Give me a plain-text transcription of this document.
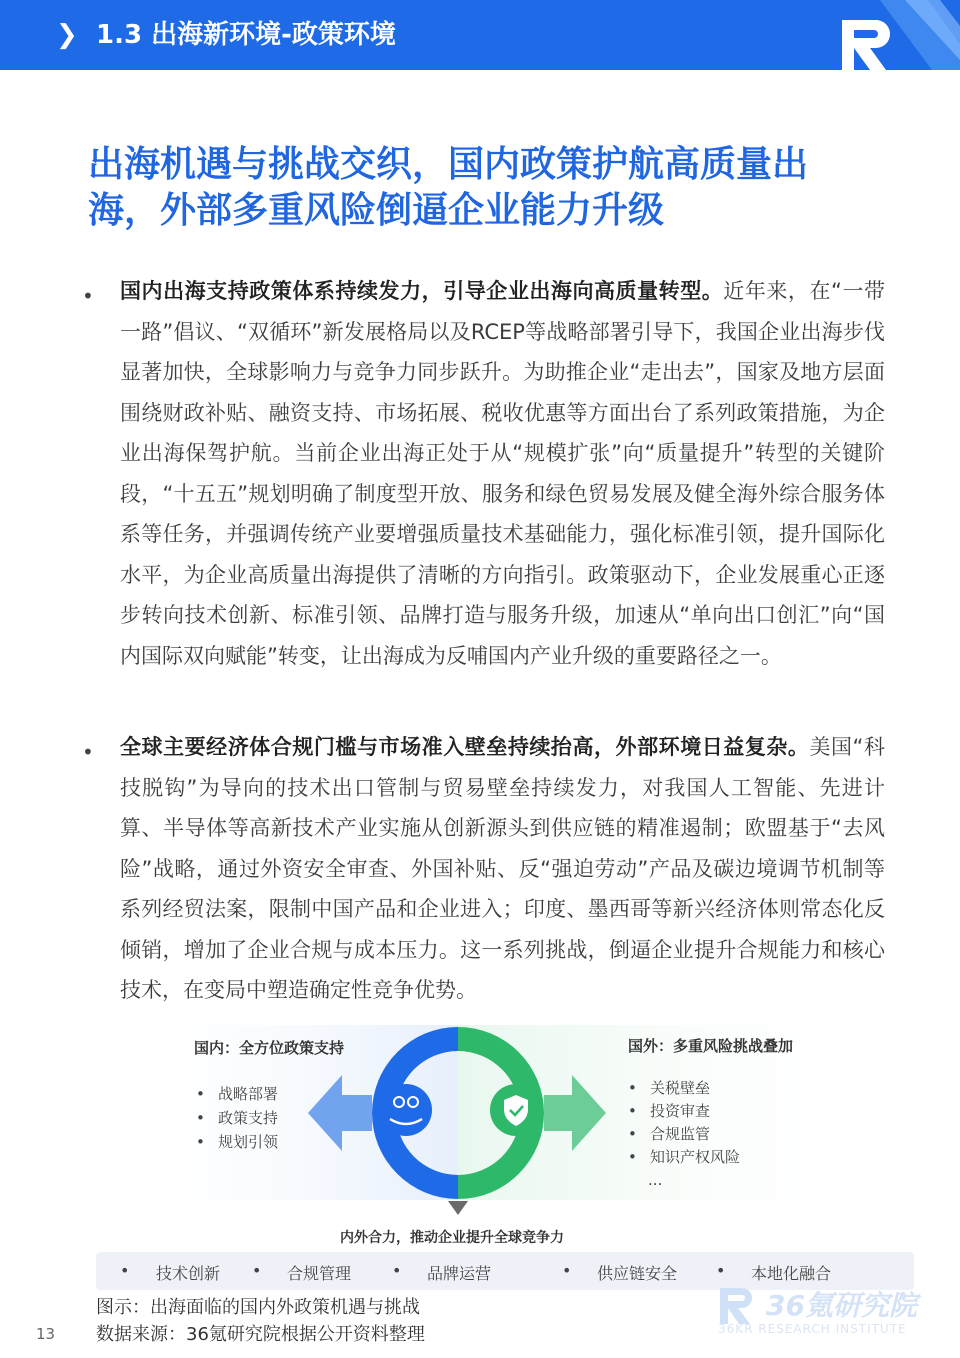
❯ 1.3 出海新环境-政策环境
出海机遇与挑战交织，国内政策护航高质量出
海，外部多重风险倒逼企业能力升级
• 国内出海支持政策体系持续发力，引导企业出海向高质量转型。近年来，在“一带一路”倡议、“双循环”新发展格局以及RCEP等战略部署引导下，我国企业出海步伐显著加快，全球影响力与竞争力同步跃升。为助推企业“走出去”，国家及地方层面围绕财政补贴、融资支持、市场拓展、税收优惠等方面出台了系列政策措施，为企业出海保驾护航。当前企业出海正处于从“规模扩张”向“质量提升”转型的关键阶段，“十五五”规划明确了制度型开放、服务和绿色贸易发展及健全海外综合服务体系等任务，并强调传统产业要增强质量技术基础能力，强化标准引领，提升国际化水平，为企业高质量出海提供了清晰的方向指引。政策驱动下，企业发展重心正逐步转向技术创新、标准引领、品牌打造与服务升级，加速从“单向出口创汇”向“国内国际双向赋能”转变，让出海成为反哺国内产业升级的重要路径之一。
• 全球主要经济体合规门槛与市场准入壁垒持续抬高，外部环境日益复杂。美国“科技脱钩”为导向的技术出口管制与贸易壁垒持续发力，对我国人工智能、先进计算、半导体等高新技术产业实施从创新源头到供应链的精准遏制；欧盟基于“去风险”战略，通过外资安全审查、外国补贴、反“强迫劳动”产品及碳边境调节机制等系列经贸法案，限制中国产品和企业进入；印度、墨西哥等新兴经济体则常态化反倾销，增加了企业合规与成本压力。这一系列挑战，倒逼企业提升合规能力和核心技术，在变局中塑造确定性竞争优势。
国内：全方位政策支持
• 战略部署
• 政策支持
• 规划引领
国外：多重风险挑战叠加
• 关税壁垒
• 投资审查
• 合规监管
• 知识产权风险
...
内外合力，推动企业提升全球竞争力
• 技术创新 • 合规管理	• 品牌运营	• 供应链安全 • 本地化融合
图示：出海面临的国内外政策机遇与挑战
数据来源：36氪研究院根据公开资料整理
13
36氪研究院
36KR RESEARCH INSTITUTE
